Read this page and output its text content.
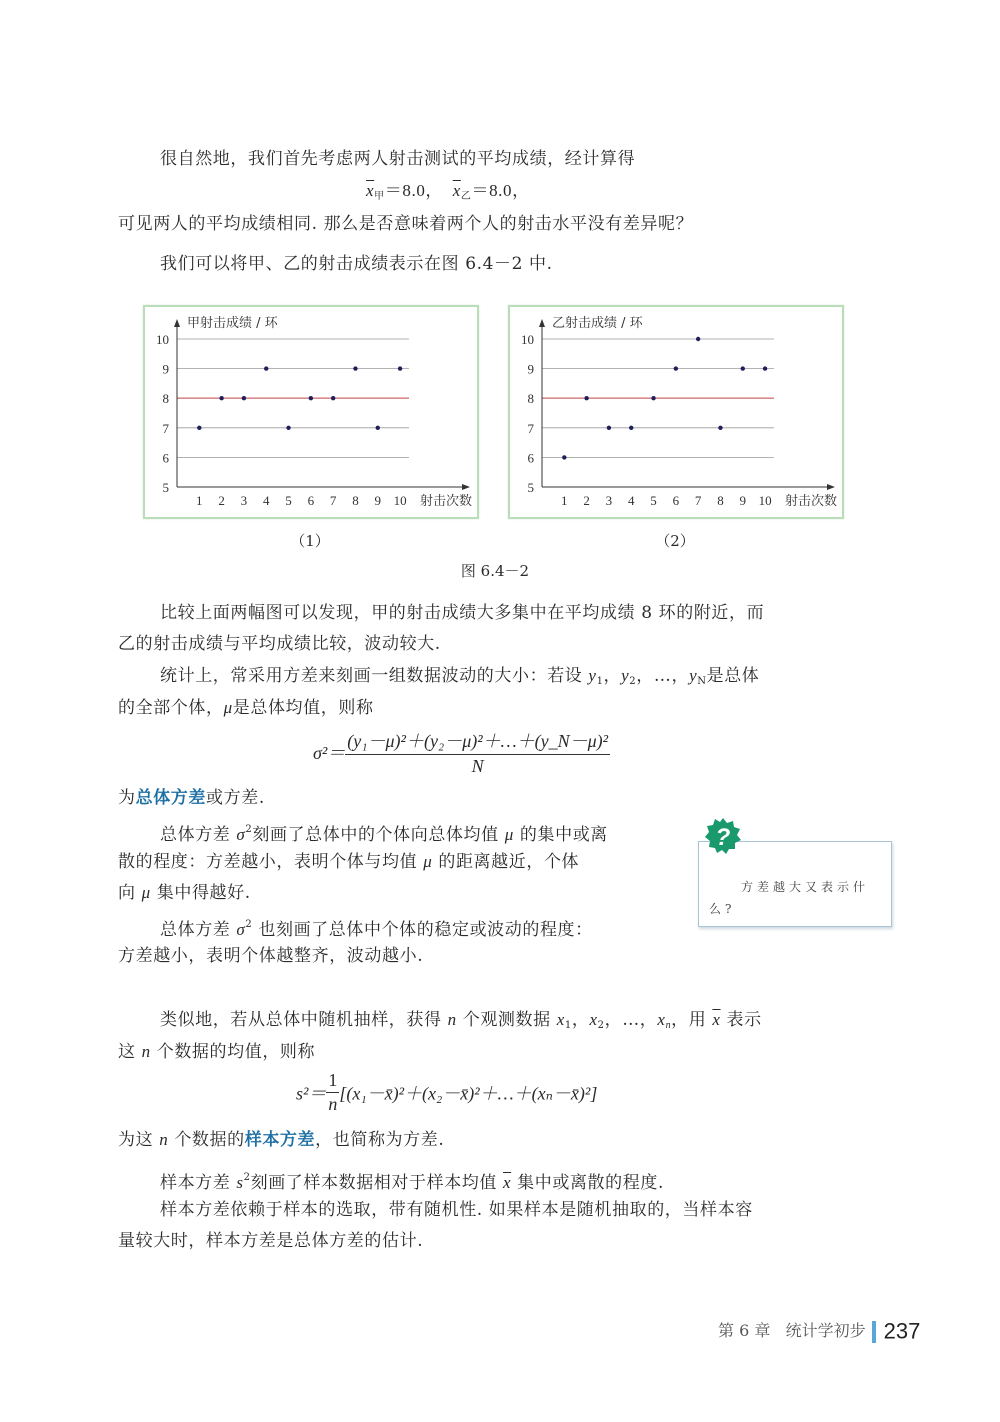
很自然地，我们首先考虑两人射击测试的平均成绩，经计算得
$\overline{x}_甲=8.0$， $\overline{x}_乙=8.0$，
可见两人的平均成绩相同. 那么是否意味着两个人的射击水平没有差异呢？
我们可以将甲、乙的射击成绩表示在图 6.4－2 中.
5
6
7
8
9
10
1 2 3 4 5 6 7 8 9 10
甲射击成绩 / 环
射击次数
5
6
7
8
9
10
1 2 3 4 5 6 7 8 9 10
乙射击成绩 / 环
射击次数
（1）	（2）
图 6.4－2
比较上面两幅图可以发现，甲的射击成绩大多集中在平均成绩 8 环的附近，而
乙的射击成绩与平均成绩比较，波动较大.
统计上，常采用方差来刻画一组数据波动的大小：若设 $y_1$，$y_2$，…，$y_N$是总体
的全部个体，μ是总体均值，则称
$\sigma^2= \frac{\text{(y₁－μ)²＋(y₂－μ)²＋…＋(y\_N－μ)²}}{N}$
为总体方差或方差.
总体方差 $\sigma^2$刻画了总体中的个体向总体均值 μ 的集中或离
散的程度：方差越小，表明个体与均值 μ 的距离越近，个体
向 μ 集中得越好.
总体方差 $\sigma^2$ 也刻画了总体中个体的稳定或波动的程度：
方差越小，表明个体越整齐，波动越小.
方差越大又表示什么?
?
类似地，若从总体中随机抽样，获得 n 个观测数据 $x_1$，$x_2$，…，$x_n$，用 $\overline{x}$ 表示
这 n 个数据的均值，则称
$s^2= \frac{1}{n}$ [(x₁－x̄)²＋(x₂－x̄)²＋…＋(xₙ－x̄)²]
为这 n 个数据的样本方差，也简称为方差.
样本方差 $s^2$刻画了样本数据相对于样本均值 $\overline{x}$ 集中或离散的程度.
样本方差依赖于样本的选取，带有随机性. 如果样本是随机抽取的，当样本容
量较大时，样本方差是总体方差的估计.
第 6 章 统计学初步 237
